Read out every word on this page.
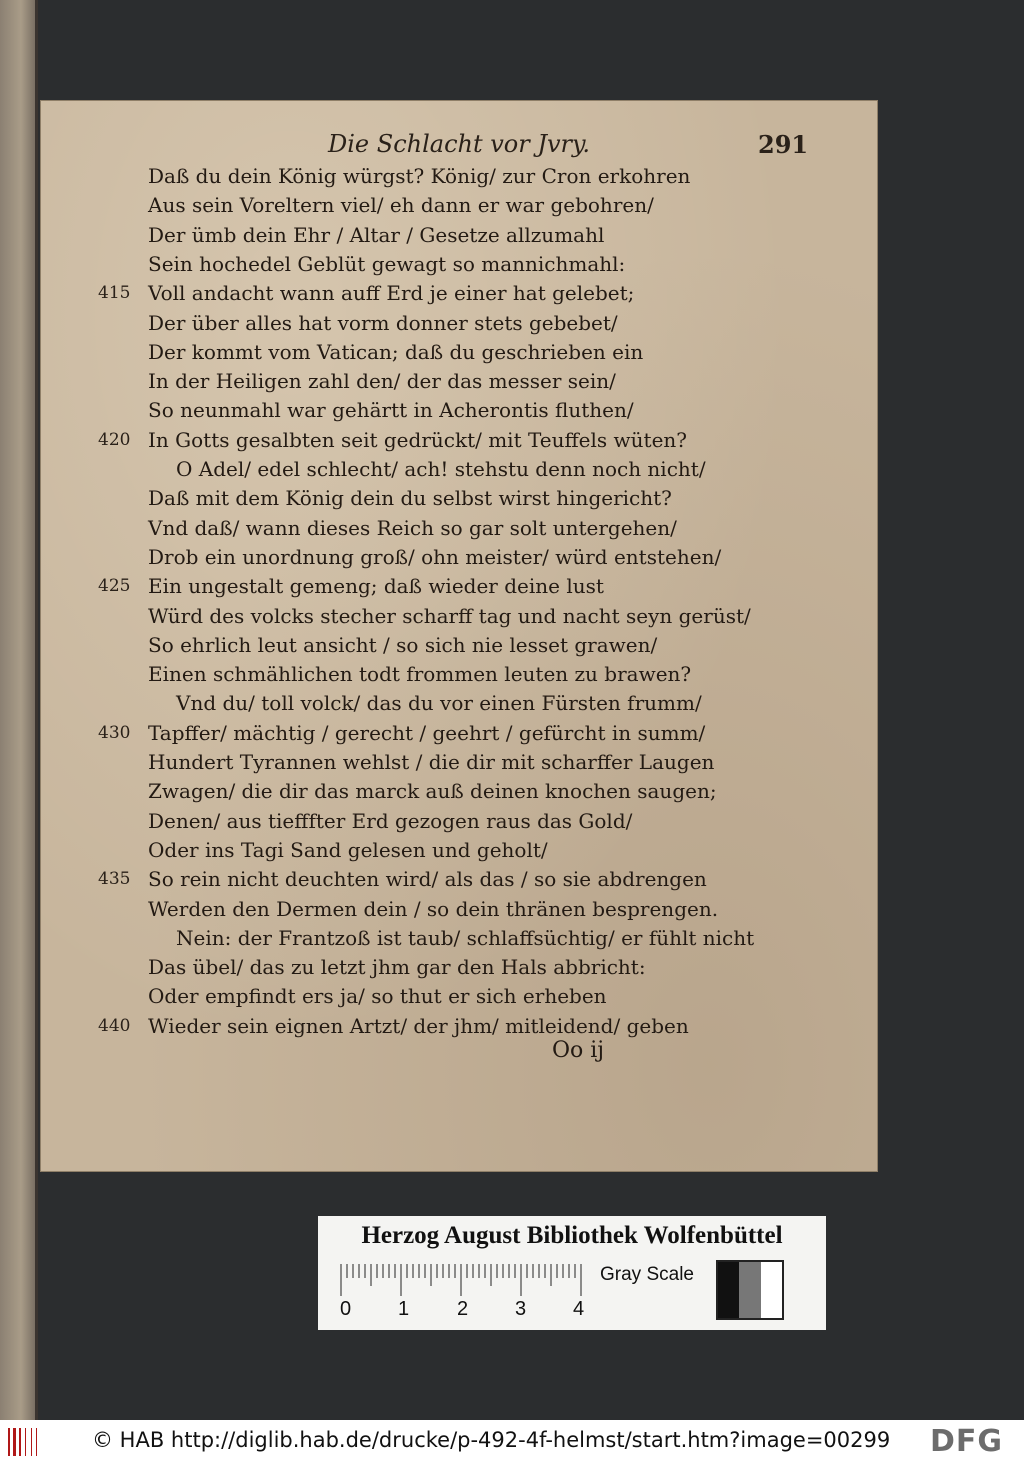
Die Schlacht vor Jvry.	291
Daß du dein König würgst? König/ zur Cron erkohren
Aus sein Voreltern viel/ eh dann er war gebohren/
Der ümb dein Ehr / Altar / Gesetze allzumahl
Sein hochedel Geblüt gewagt so mannichmahl:
Voll andacht wann auff Erd je einer hat gelebet;
415
Der über alles hat vorm donner stets gebebet/
Der kommt vom Vatican; daß du geschrieben ein
In der Heiligen zahl den/ der das messer sein/
So neunmahl war gehärtt in Acherontis fluthen/
In Gotts gesalbten seit gedrückt/ mit Teuffels wüten?
420
O Adel/ edel schlecht/ ach! stehstu denn noch nicht/
Daß mit dem König dein du selbst wirst hingericht?
Vnd daß/ wann dieses Reich so gar solt untergehen/
Drob ein unordnung groß/ ohn meister/ würd entstehen/
Ein ungestalt gemeng; daß wieder deine lust
425
Würd des volcks stecher scharff tag und nacht seyn gerüst/
So ehrlich leut ansicht / so sich nie lesset grawen/
Einen schmählichen todt frommen leuten zu brawen?
Vnd du/ toll volck/ das du vor einen Fürsten frumm/
Tapffer/ mächtig / gerecht / geehrt / gefürcht in summ/
430
Hundert Tyrannen wehlst / die dir mit scharffer Laugen
Zwagen/ die dir das marck auß deinen knochen saugen;
Denen/ aus tiefffter Erd gezogen raus das Gold/
Oder ins Tagi Sand gelesen und geholt/
So rein nicht deuchten wird/ als das / so sie abdrengen
435
Werden den Dermen dein / so dein thränen besprengen.
Nein: der Frantzoß ist taub/ schlaffsüchtig/ er fühlt nicht
Das übel/ das zu letzt jhm gar den Hals abbricht:
Oder empfindt ers ja/ so thut er sich erheben
Wieder sein eignen Artzt/ der jhm/ mitleidend/ geben
440
Oo ij
Herzog August Bibliothek Wolfenbüttel
0 1 2 3 4
Gray Scale
© HAB http://diglib.hab.de/drucke/p-492-4f-helmst/start.htm?image=00299 DFG
